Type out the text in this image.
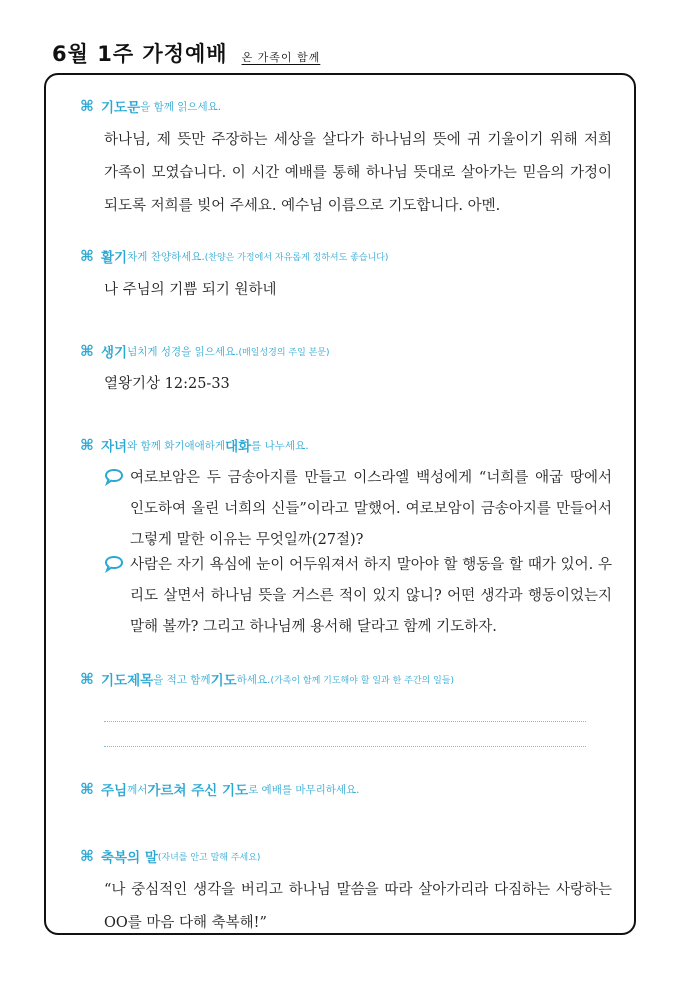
6월 1주 가정예배 온 가족이 함께
⌘ 기도문 을 함께 읽으세요.
하나님, 제 뜻만 주장하는 세상을 살다가 하나님의 뜻에 귀 기울이기 위해 저희 가족이 모였습니다. 이 시간 예배를 통해 하나님 뜻대로 살아가는 믿음의 가정이 되도록 저희를 빚어 주세요. 예수님 이름으로 기도합니다. 아멘.
⌘ 활기 차게 찬양하세요. (찬양은 가정에서 자유롭게 정하셔도 좋습니다)
나 주님의 기쁨 되기 원하네
⌘ 생기 넘치게 성경을 읽으세요. (매일성경의 주일 본문)
열왕기상 12:25-33
⌘ 자녀 와 함께 화기애애하게 대화 를 나누세요.
여로보암은 두 금송아지를 만들고 이스라엘 백성에게 “너희를 애굽 땅에서 인도하여 올린 너희의 신들”이라고 말했어. 여로보암이 금송아지를 만들어서 그렇게 말한 이유는 무엇일까(27절)?
사람은 자기 욕심에 눈이 어두워져서 하지 말아야 할 행동을 할 때가 있어. 우리도 살면서 하나님 뜻을 거스른 적이 있지 않니? 어떤 생각과 행동이었는지 말해 볼까? 그리고 하나님께 용서해 달라고 함께 기도하자.
⌘ 기도제목 을 적고 함께 기도 하세요. (가족이 함께 기도해야 할 일과 한 주간의 일들)
⌘ 주님 께서 가르쳐 주신 기도 로 예배를 마무리하세요.
⌘ 축복의 말 (자녀를 안고 말해 주세요)
“나 중심적인 생각을 버리고 하나님 말씀을 따라 살아가리라 다짐하는 사랑하는 OO를 마음 다해 축복해!”
